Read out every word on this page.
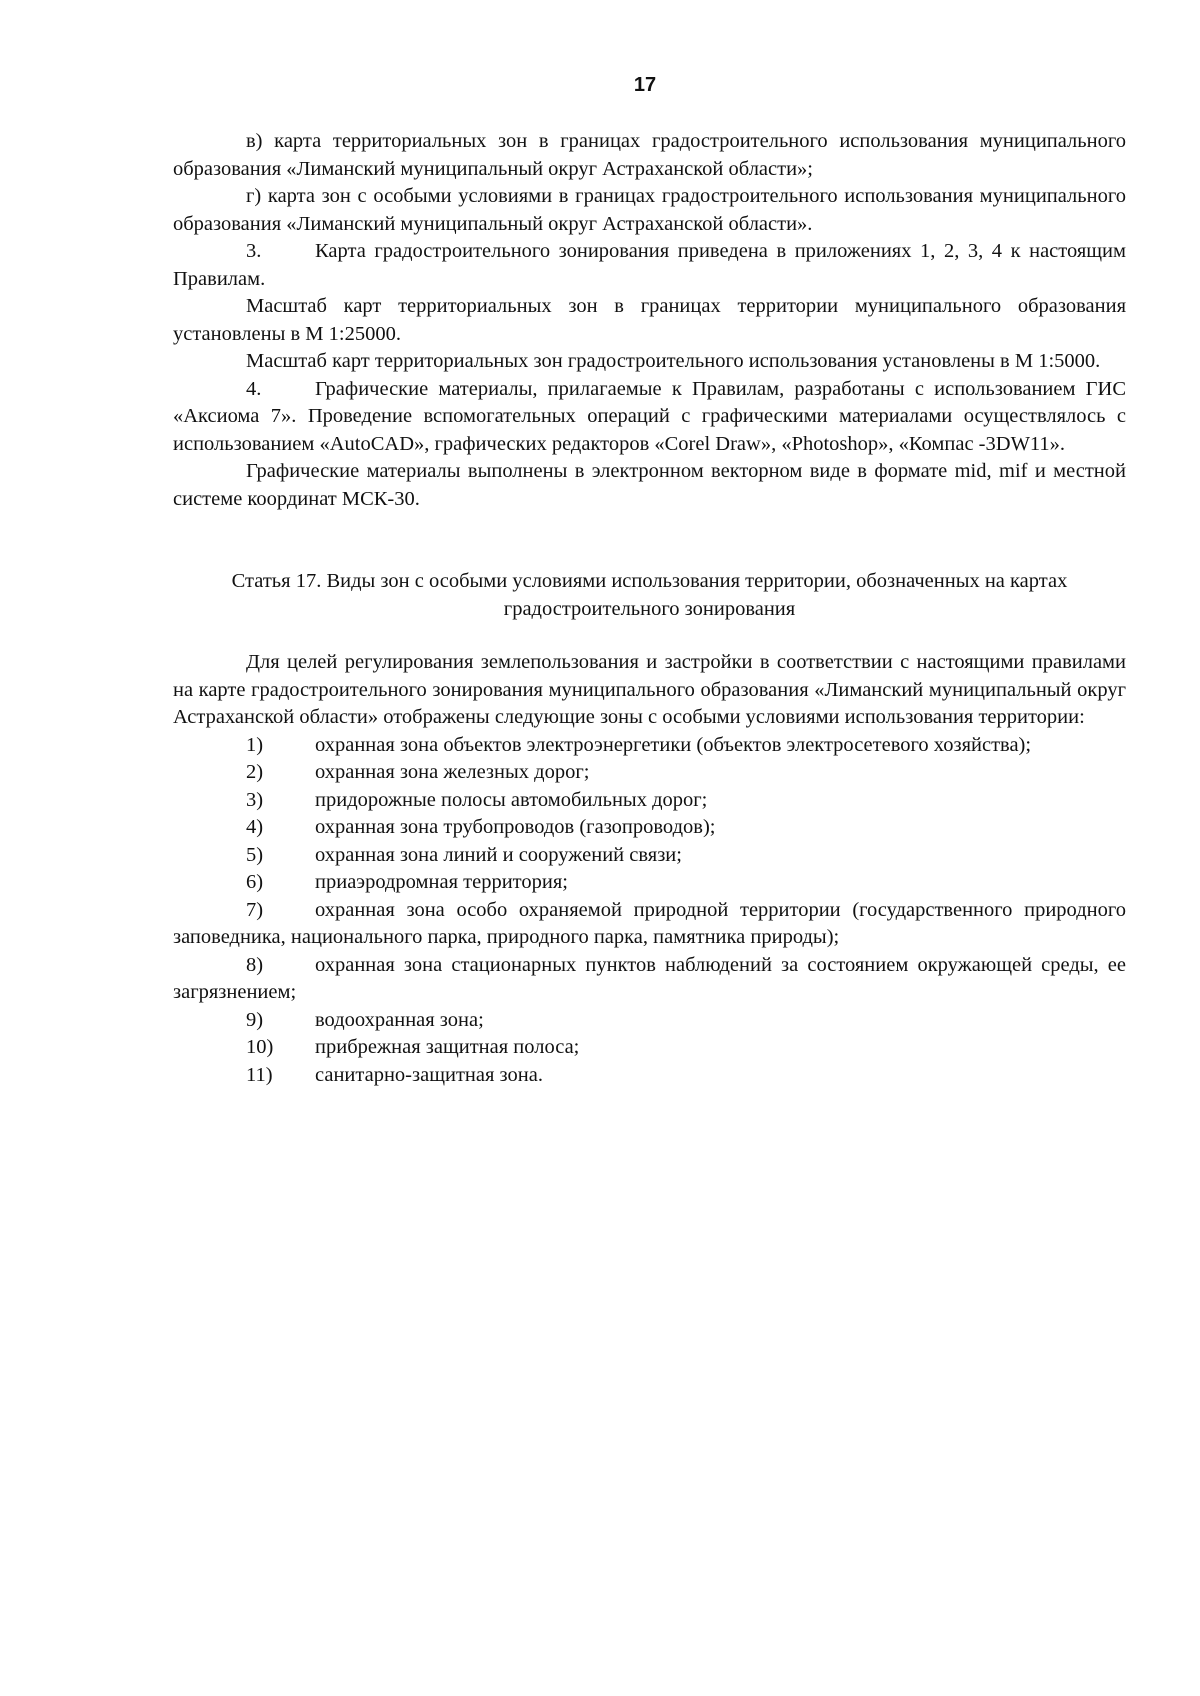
17

в) карта территориальных зон в границах градостроительного использования муниципального образования «Лиманский муниципальный округ Астраханской области»;

г) карта зон с особыми условиями в границах градостроительного использования муниципального образования «Лиманский муниципальный округ Астраханской области».

3.	Карта градостроительного зонирования приведена в приложениях 1, 2, 3, 4 к настоящим Правилам.

Масштаб карт территориальных зон в границах территории муниципального образования установлены в М 1:25000.

Масштаб карт территориальных зон градостроительного использования установлены в М 1:5000.

4.	Графические материалы, прилагаемые к Правилам, разработаны с использованием ГИС «Аксиома 7». Проведение вспомогательных операций с графическими материалами осуществлялось с использованием «AutoCAD», графических редакторов «Corel Draw», «Photoshop», «Компас -3DW11».

Графические материалы выполнены в электронном векторном виде в формате mid, mif и местной системе координат МСК-30.

Статья 17. Виды зон с особыми условиями использования территории, обозначенных на картах градостроительного зонирования

Для целей регулирования землепользования и застройки в соответствии с настоящими правилами на карте градостроительного зонирования муниципального образования «Лиманский муниципальный округ Астраханской области» отображены следующие зоны с особыми условиями использования территории:

1)	охранная зона объектов электроэнергетики (объектов электросетевого хозяйства);
2)	охранная зона железных дорог;
3)	придорожные полосы автомобильных дорог;
4)	охранная зона трубопроводов (газопроводов);
5)	охранная зона линий и сооружений связи;
6)	приаэродромная территория;
7)	охранная зона особо охраняемой природной территории (государственного природного заповедника, национального парка, природного парка, памятника природы);
8)	охранная зона стационарных пунктов наблюдений за состоянием окружающей среды, ее загрязнением;
9)	водоохранная зона;
10) прибрежная защитная полоса;
11) санитарно-защитная зона.
